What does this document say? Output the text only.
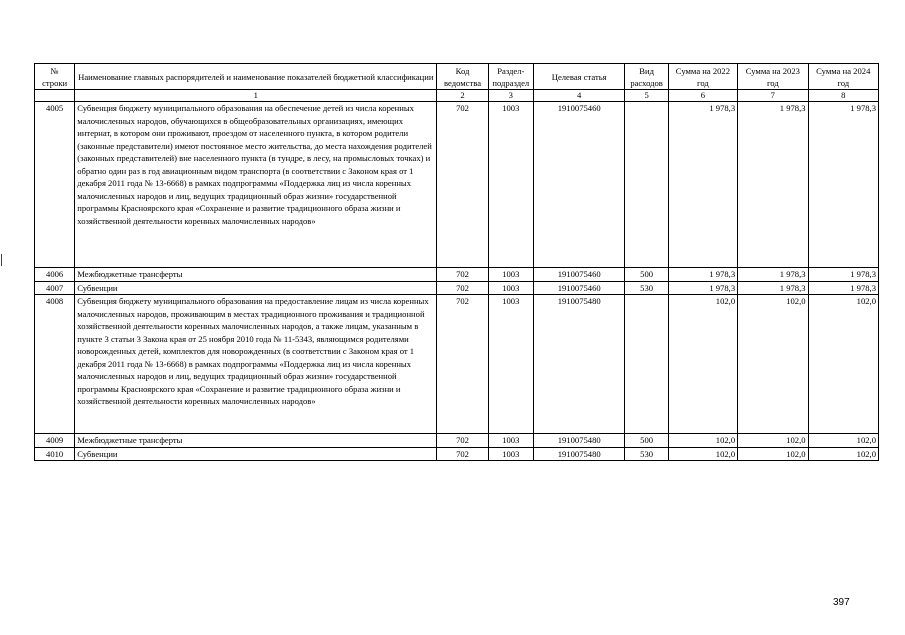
№ строки	Наименование главных распорядителей и наименование показателей бюджетной классификации	Код ведомства	Раздел-подраздел	Целевая статья	Вид расходов	Сумма на 2022 год	Сумма на 2023 год	Сумма на 2024 год
	1	2	3	4	5	6	7	8
4005	Субвенция бюджету муниципального образования на обеспечение детей из числа коренных малочисленных народов, обучающихся в общеобразовательных организациях, имеющих интернат, в котором они проживают, проездом от населенного пункта, в котором родители (законные представители) имеют постоянное место жительства, до места нахождения родителей (законных представителей) вне населенного пункта (в тундре, в лесу, на промысловых точках) и обратно один раз в год авиационным видом транспорта (в соответствии с Законом края от 1 декабря 2011 года № 13-6668) в рамках подпрограммы «Поддержка лиц из числа коренных малочисленных народов и лиц, ведущих традиционный образ жизни» государственной программы Красноярского края «Сохранение и развитие традиционного образа жизни и хозяйственной деятельности коренных малочисленных народов»	702	1003	1910075460		1 978,3	1 978,3	1 978,3
4006	Межбюджетные трансферты	702	1003	1910075460	500	1 978,3	1 978,3	1 978,3
4007	Субвенции	702	1003	1910075460	530	1 978,3	1 978,3	1 978,3
4008	Субвенция бюджету муниципального образования на предоставление лицам из числа коренных малочисленных народов, проживающим в местах традиционного проживания и традиционной хозяйственной деятельности коренных малочисленных народов, а также лицам, указанным в пункте 3 статьи 3 Закона края от 25 ноября 2010 года № 11-5343, являющимся родителями новорожденных детей, комплектов для новорожденных (в соответствии с Законом края от 1 декабря 2011 года № 13-6668) в рамках подпрограммы «Поддержка лиц из числа коренных малочисленных народов и лиц, ведущих традиционный образ жизни» государственной программы Красноярского края «Сохранение и развитие традиционного образа жизни и хозяйственной деятельности коренных малочисленных народов»	702	1003	1910075480		102,0	102,0	102,0
4009	Межбюджетные трансферты	702	1003	1910075480	500	102,0	102,0	102,0
4010	Субвенции	702	1003	1910075480	530	102,0	102,0	102,0
397
